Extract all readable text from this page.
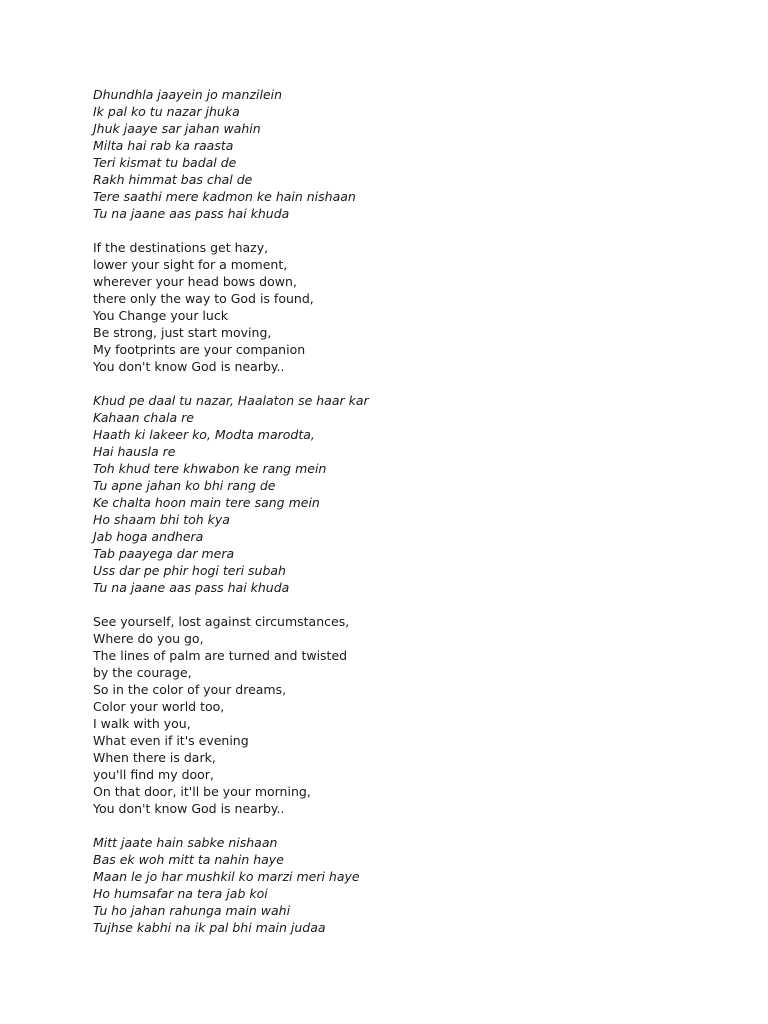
Dhundhla jaayein jo manzilein
Ik pal ko tu nazar jhuka
Jhuk jaaye sar jahan wahin
Milta hai rab ka raasta
Teri kismat tu badal de
Rakh himmat bas chal de
Tere saathi mere kadmon ke hain nishaan
Tu na jaane aas pass hai khuda
If the destinations get hazy,
lower your sight for a moment,
wherever your head bows down,
there only the way to God is found,
You Change your luck
Be strong, just start moving,
My footprints are your companion
You don't know God is nearby..
Khud pe daal tu nazar, Haalaton se haar kar
Kahaan chala re
Haath ki lakeer ko, Modta marodta,
Hai hausla re
Toh khud tere khwabon ke rang mein
Tu apne jahan ko bhi rang de
Ke chalta hoon main tere sang mein
Ho shaam bhi toh kya
Jab hoga andhera
Tab paayega dar mera
Uss dar pe phir hogi teri subah
Tu na jaane aas pass hai khuda
See yourself, lost against circumstances,
Where do you go,
The lines of palm are turned and twisted
by the courage,
So in the color of your dreams,
Color your world too,
I walk with you,
What even if it's evening
When there is dark,
you'll find my door,
On that door, it'll be your morning,
You don't know God is nearby..
Mitt jaate hain sabke nishaan
Bas ek woh mitt ta nahin haye
Maan le jo har mushkil ko marzi meri haye
Ho humsafar na tera jab koi
Tu ho jahan rahunga main wahi
Tujhse kabhi na ik pal bhi main judaa
